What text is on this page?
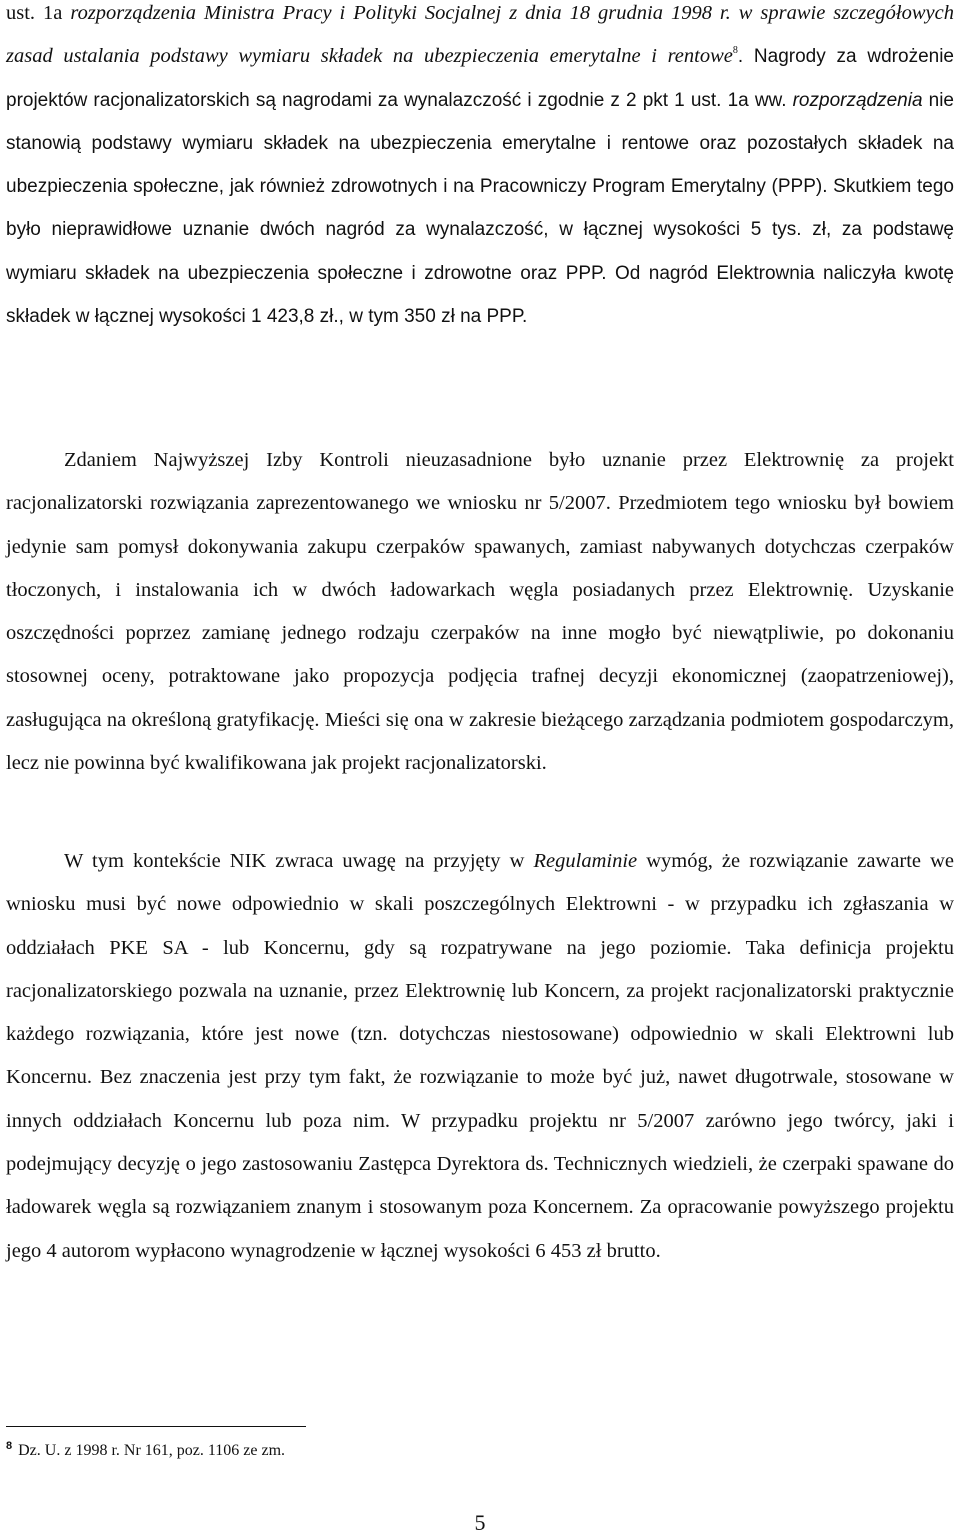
ust. 1a rozporządzenia Ministra Pracy i Polityki Socjalnej z dnia 18 grudnia 1998 r. w sprawie szczegółowych zasad ustalania podstawy wymiaru składek na ubezpieczenia emerytalne i rentowe$^8$. Nagrody za wdrożenie projektów racjonalizatorskich są nagrodami za wynalazczość i zgodnie z 2 pkt 1 ust. 1a ww. rozporządzenia nie stanowią podstawy wymiaru składek na ubezpieczenia emerytalne i rentowe oraz pozostałych składek na ubezpieczenia społeczne, jak również zdrowotnych i na Pracowniczy Program Emerytalny (PPP). Skutkiem tego było nieprawidłowe uznanie dwóch nagród za wynalazczość, w łącznej wysokości 5 tys. zł, za podstawę wymiaru składek na ubezpieczenia społeczne i zdrowotne oraz PPP. Od nagród Elektrownia naliczyła kwotę składek w łącznej wysokości 1 423,8 zł., w tym 350 zł na PPP.

Zdaniem Najwyższej Izby Kontroli nieuzasadnione było uznanie przez Elektrownię za projekt racjonalizatorski rozwiązania zaprezentowanego we wniosku nr 5/2007. Przedmiotem tego wniosku był bowiem jedynie sam pomysł dokonywania zakupu czerpaków spawanych, zamiast nabywanych dotychczas czerpaków tłoczonych, i instalowania ich w dwóch ładowarkach węgla posiadanych przez Elektrownię. Uzyskanie oszczędności poprzez zamianę jednego rodzaju czerpaków na inne mogło być niewątpliwie, po dokonaniu stosownej oceny, potraktowane jako propozycja podjęcia trafnej decyzji ekonomicznej (zaopatrzeniowej), zasługująca na określoną gratyfikację. Mieści się ona w zakresie bieżącego zarządzania podmiotem gospodarczym, lecz nie powinna być kwalifikowana jak projekt racjonalizatorski.

W tym kontekście NIK zwraca uwagę na przyjęty w Regulaminie wymóg, że rozwiązanie zawarte we wniosku musi być nowe odpowiednio w skali poszczególnych Elektrowni - w przypadku ich zgłaszania w oddziałach PKE SA - lub Koncernu, gdy są rozpatrywane na jego poziomie. Taka definicja projektu racjonalizatorskiego pozwala na uznanie, przez Elektrownię lub Koncern, za projekt racjonalizatorski praktycznie każdego rozwiązania, które jest nowe (tzn. dotychczas niestosowane) odpowiednio w skali Elektrowni lub Koncernu. Bez znaczenia jest przy tym fakt, że rozwiązanie to może być już, nawet długotrwale, stosowane w innych oddziałach Koncernu lub poza nim. W przypadku projektu nr 5/2007 zarówno jego twórcy, jaki i podejmujący decyzję o jego zastosowaniu Zastępca Dyrektora ds. Technicznych wiedzieli, że czerpaki spawane do ładowarek węgla są rozwiązaniem znanym i stosowanym poza Koncernem. Za opracowanie powyższego projektu jego 4 autorom wypłacono wynagrodzenie w łącznej wysokości 6 453 zł brutto.

$^8$ Dz. U. z 1998 r. Nr 161, poz. 1106 ze zm.
5
